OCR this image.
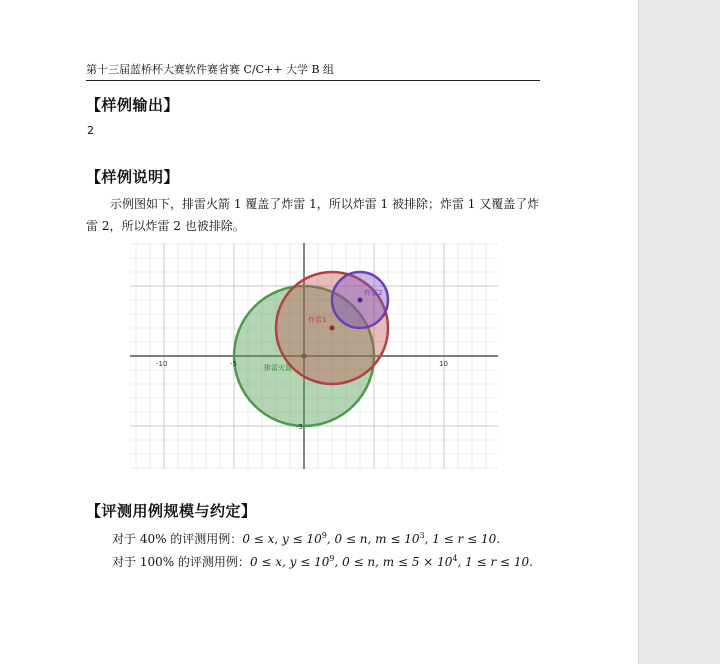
第十三届蓝桥杯大赛软件赛省赛 C/C++ 大学 B 组
【样例输出】
2
【样例说明】
示例图如下，排雷火箭 1 覆盖了炸雷 1，所以炸雷 1 被排除；炸雷 1 又覆盖了炸雷 2，所以炸雷 2 也被排除。
炸雷1
炸雷2
排雷火箭
-10	-5	10
-5
【评测用例规模与约定】
对于 40% 的评测用例：0 ≤ x, $y \le 10^9$, 0 ≤ n, $m \le 10^3$, 1 ≤ r ≤ 10.
对于 100% 的评测用例：0 ≤ x, $y \le 10^9$, 0 ≤ n, $m \le 5 \times 10^4$, 1 ≤ r ≤ 10.
